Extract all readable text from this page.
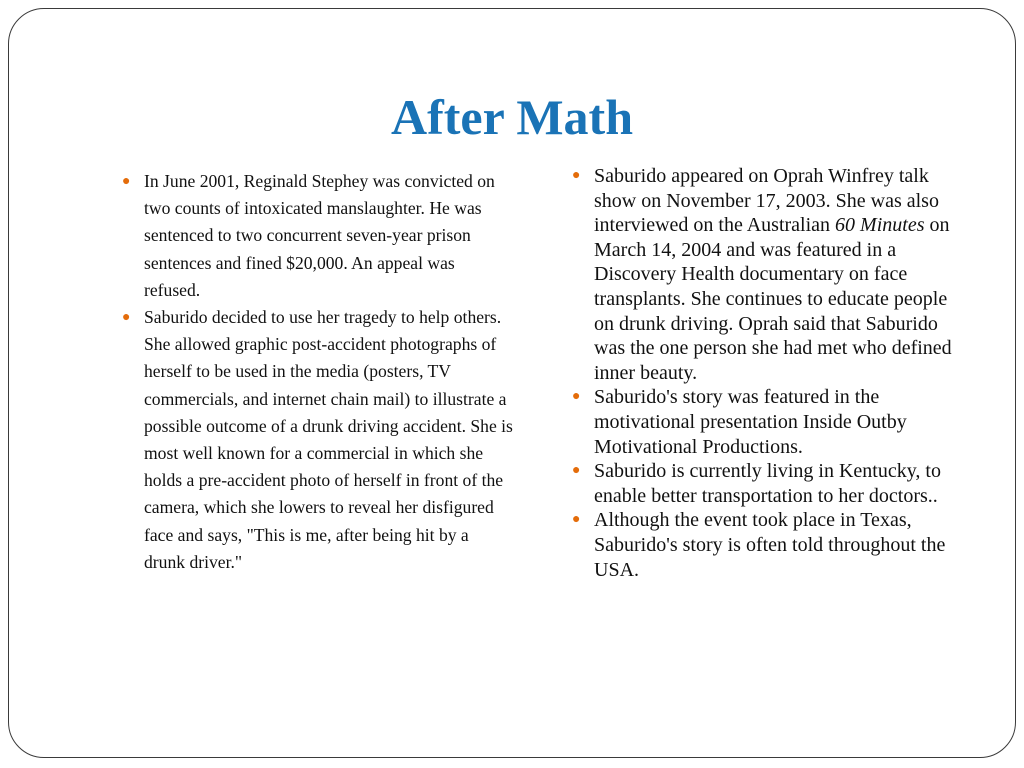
After Math
● In June 2001, Reginald Stephey was convicted on two counts of intoxicated manslaughter. He was sentenced to two concurrent seven-year prison sentences and fined $20,000. An appeal was refused.
● Saburido decided to use her tragedy to help others. She allowed graphic post-accident photographs of herself to be used in the media (posters, TV commercials, and internet chain mail) to illustrate a possible outcome of a drunk driving accident. She is most well known for a commercial in which she holds a pre-accident photo of herself in front of the camera, which she lowers to reveal her disfigured face and says, "This is me, after being hit by a drunk driver."
● Saburido appeared on Oprah Winfrey talk show on November 17, 2003. She was also interviewed on the Australian 60 Minutes on March 14, 2004 and was featured in a Discovery Health documentary on face transplants. She continues to educate people on drunk driving. Oprah said that Saburido was the one person she had met who defined inner beauty.
● Saburido's story was featured in the motivational presentation Inside Outby Motivational Productions.
● Saburido is currently living in Kentucky, to enable better transportation to her doctors..
● Although the event took place in Texas, Saburido's story is often told throughout the USA.
